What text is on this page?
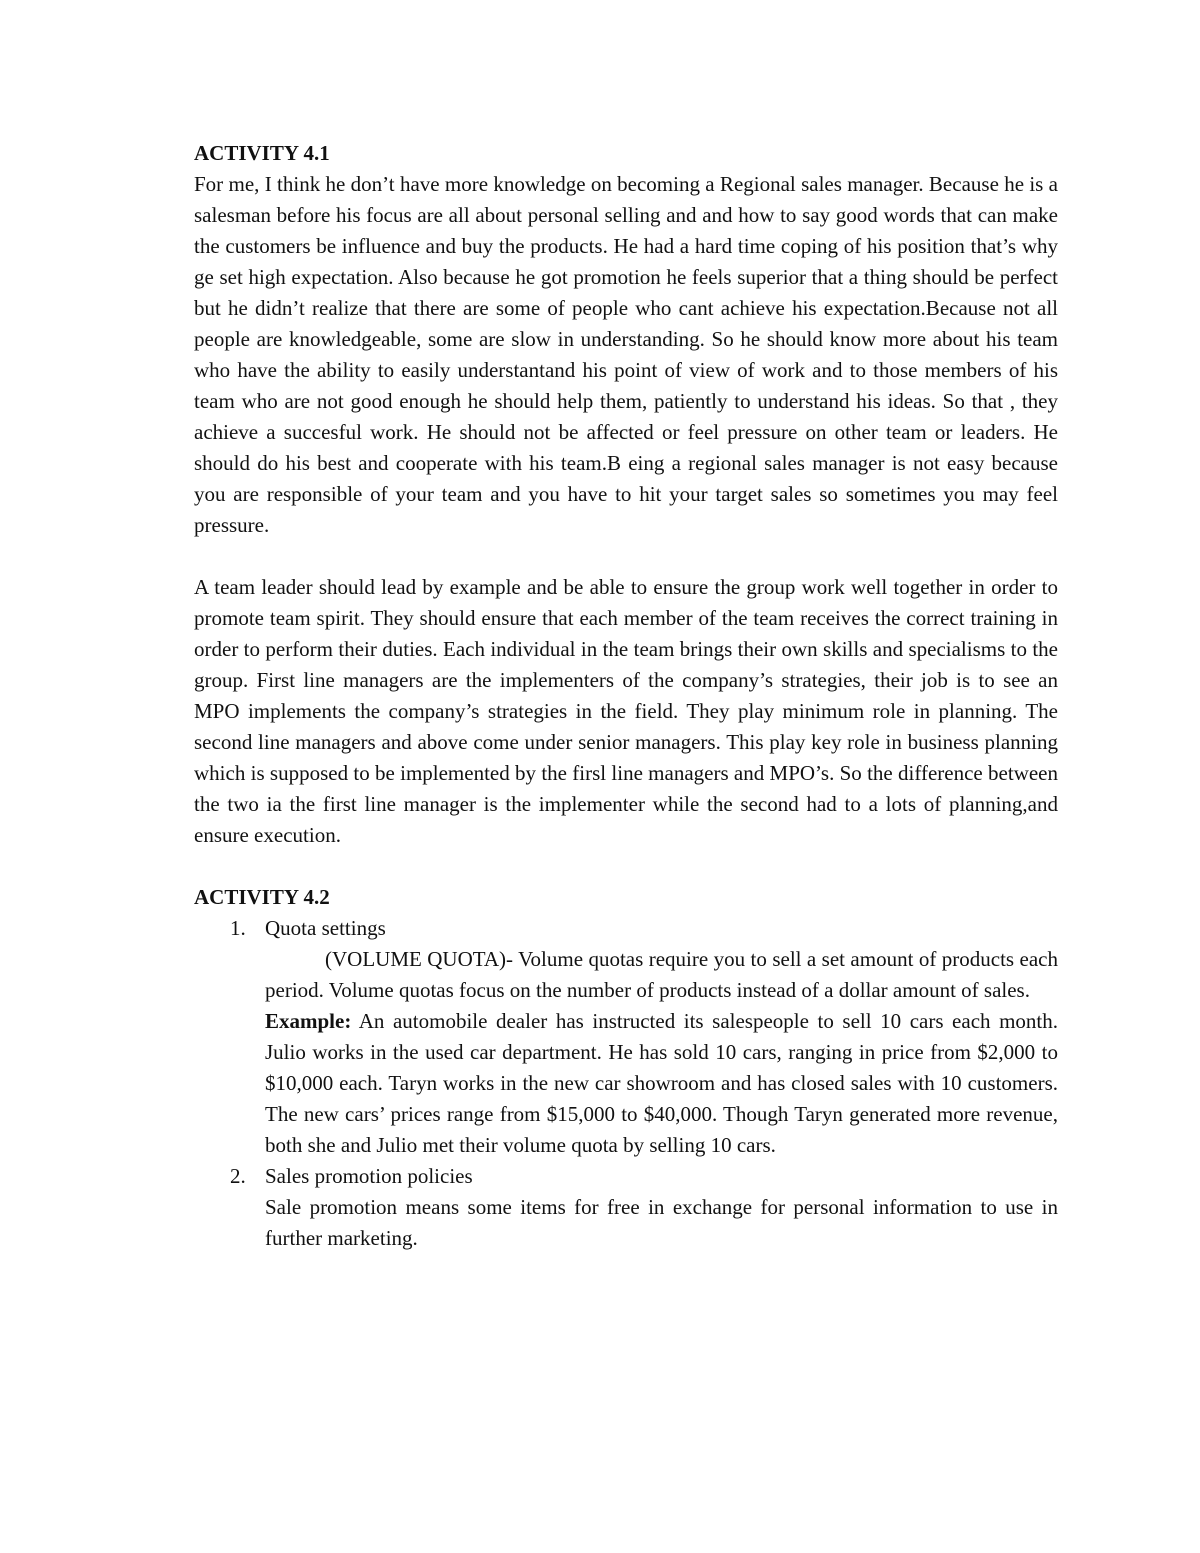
ACTIVITY 4.1

For me, I think he don’t have more knowledge on becoming a Regional sales manager. Because he is a salesman before his focus are all about personal selling and and how to say good words that can make the customers be influence and buy the products. He had a hard time coping of his position that’s why ge set high expectation. Also because he got promotion he feels superior that a thing should be perfect but he didn’t realize that there are some of people who cant achieve his expectation.Because not all people are knowledgeable, some are slow in understanding. So he should know more about his team who have the ability to easily understantand his point of view of work and to those members of his team who are not good enough he should help them, patiently to understand his ideas. So that , they achieve a succesful work. He should not be affected or feel pressure on other team or leaders. He should do his best and cooperate with his team.B eing a regional sales manager is not easy because you are responsible of your team and you have to hit your target sales so sometimes you may feel pressure.

A team leader should lead by example and be able to ensure the group work well together in order to promote team spirit. They should ensure that each member of the team receives the correct training in order to perform their duties. Each individual in the team brings their own skills and specialisms to the group. First line managers are the implementers of the company’s strategies, their job is to see an MPO implements the company’s strategies in the field. They play minimum role in planning. The second line managers and above come under senior managers. This play key role in business planning which is supposed to be implemented by the firsl line managers and MPO’s. So the difference between the two ia the first line manager is the implementer while the second had to a lots of planning,and ensure execution.

ACTIVITY 4.2
1. Quota settings

(VOLUME QUOTA)- Volume quotas require you to sell a set amount of products each period. Volume quotas focus on the number of products instead of a dollar amount of sales.

Example: An automobile dealer has instructed its salespeople to sell 10 cars each month. Julio works in the used car department. He has sold 10 cars, ranging in price from $2,000 to $10,000 each. Taryn works in the new car showroom and has closed sales with 10 customers. The new cars’ prices range from $15,000 to $40,000. Though Taryn generated more revenue, both she and Julio met their volume quota by selling 10 cars.

2. Sales promotion policies

Sale promotion means some items for free in exchange for personal information to use in further marketing.
